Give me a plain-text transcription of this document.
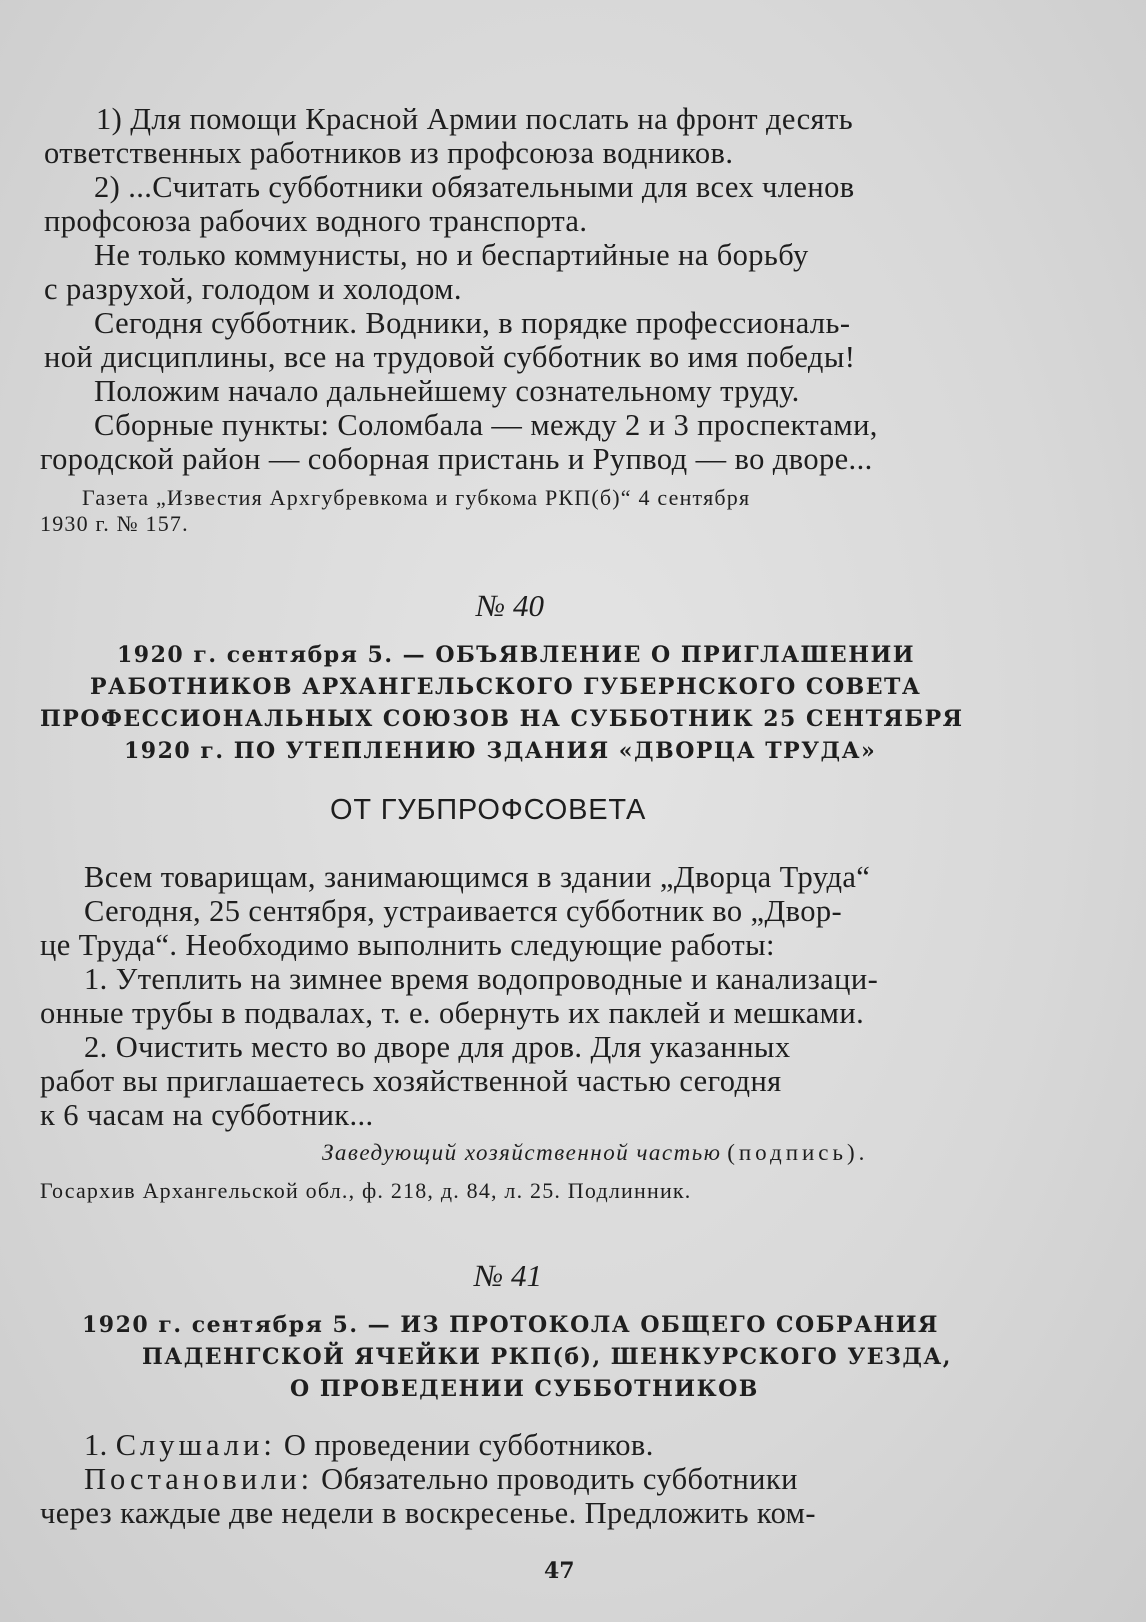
1) Для помощи Красной Армии послать на фронт десять

ответственных работников из профсоюза водников.

2) ...Считать субботники обязательными для всех членов

профсоюза рабочих водного транспорта.

Не только коммунисты, но и беспартийные на борьбу

с разрухой, голодом и холодом.

Сегодня субботник. Водники, в порядке профессиональ-

ной дисциплины, все на трудовой субботник во имя победы!

Положим начало дальнейшему сознательному труду.

Сборные пункты: Соломбала — между 2 и 3 проспектами,

городской район — соборная пристань и Рупвод — во дворе...

Газета „Известия Архгубревкома и губкома РКП(б)“ 4 сентября

1930 г. № 157.

№ 40

1920 г. сентября 5. — ОБЪЯВЛЕНИЕ О ПРИГЛАШЕНИИ

РАБОТНИКОВ АРХАНГЕЛЬСКОГО ГУБЕРНСКОГО СОВЕТА

ПРОФЕССИОНАЛЬНЫХ СОЮЗОВ НА СУББОТНИК 25 СЕНТЯБРЯ

1920 г. ПО УТЕПЛЕНИЮ ЗДАНИЯ «ДВОРЦА ТРУДА»

ОТ ГУБПРОФСОВЕТА

Всем товарищам, занимающимся в здании „Дворца Труда“

Сегодня, 25 сентября, устраивается субботник во „Двор-

це Труда“. Необходимо выполнить следующие работы:

1. Утеплить на зимнее время водопроводные и канализаци-

онные трубы в подвалах, т. е. обернуть их паклей и мешками.

2. Очистить место во дворе для дров. Для указанных

работ вы приглашаетесь хозяйственной частью сегодня

к 6 часам на субботник...

Заведующий хозяйственной частью (подпись).

Госархив Архангельской обл., ф. 218, д. 84, л. 25. Подлинник.

№ 41

1920 г. сентября 5. — ИЗ ПРОТОКОЛА ОБЩЕГО СОБРАНИЯ

ПАДЕНГСКОЙ ЯЧЕЙКИ РКП(б), ШЕНКУРСКОГО УЕЗДА,

О ПРОВЕДЕНИИ СУББОТНИКОВ

1. Слушали: О проведении субботников.
Постановили: Обязательно проводить субботники

через каждые две недели в воскресенье. Предложить ком-

47
